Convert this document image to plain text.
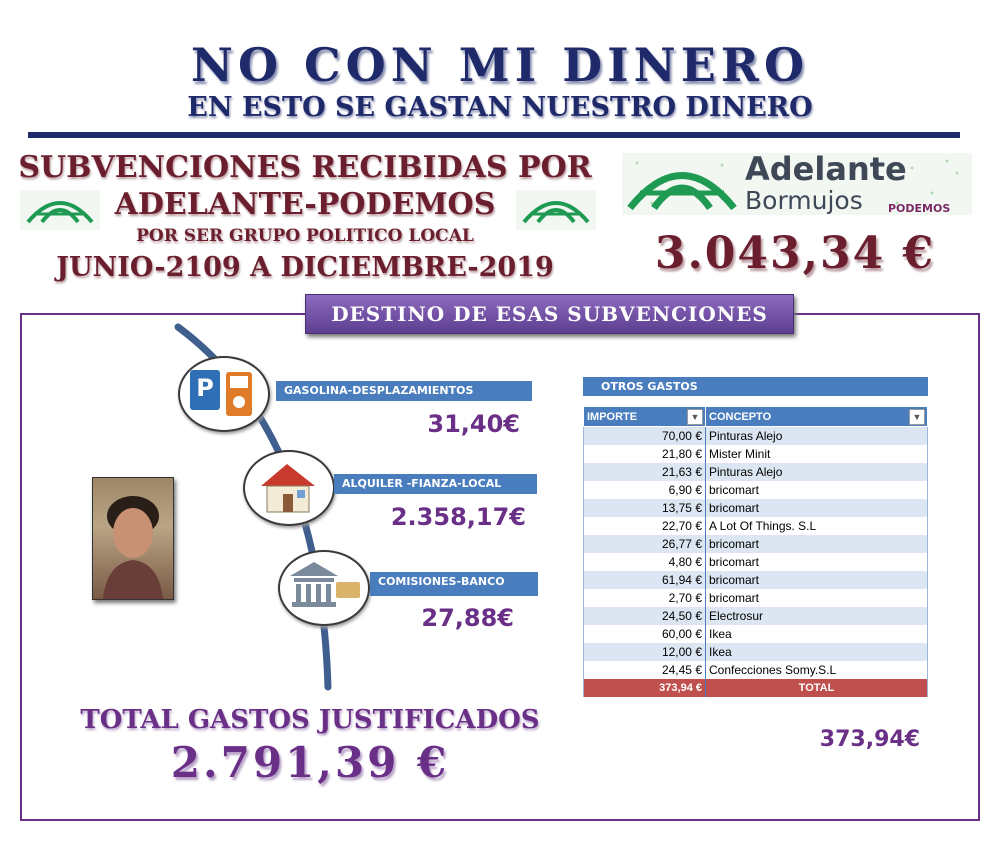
NO CON MI DINERO
EN ESTO SE GASTAN NUESTRO DINERO
SUBVENCIONES RECIBIDAS POR
ADELANTE-PODEMOS
POR SER GRUPO POLITICO LOCAL
JUNIO-2109 A DICIEMBRE-2019
Adelante
Bormujos PODEMOS
3.043,34 €
DESTINO DE ESAS SUBVENCIONES
P	GASOLINA-DESPLAZAMIENTOS
31,40€
ALQUILER -FIANZA-LOCAL
2.358,17€
COMISIONES-BANCO
27,88€
TOTAL GASTOS JUSTIFICADOS
2.791,39 €
OTROS GASTOS
IMPORTE ▼	CONCEPTO ▼

70,00 €	Pinturas Alejo
21,80 €	Mister Minit
21,63 €	Pinturas Alejo
6,90 €	bricomart
13,75 €	bricomart
22,70 €	A Lot Of Things. S.L
26,77 €	bricomart
4,80 €	bricomart
61,94 €	bricomart
2,70 €	bricomart
24,50 €	Electrosur
60,00 €	Ikea
12,00 €	Ikea
24,45 €	Confecciones Somy.S.L
373,94 €	TOTAL
373,94€
